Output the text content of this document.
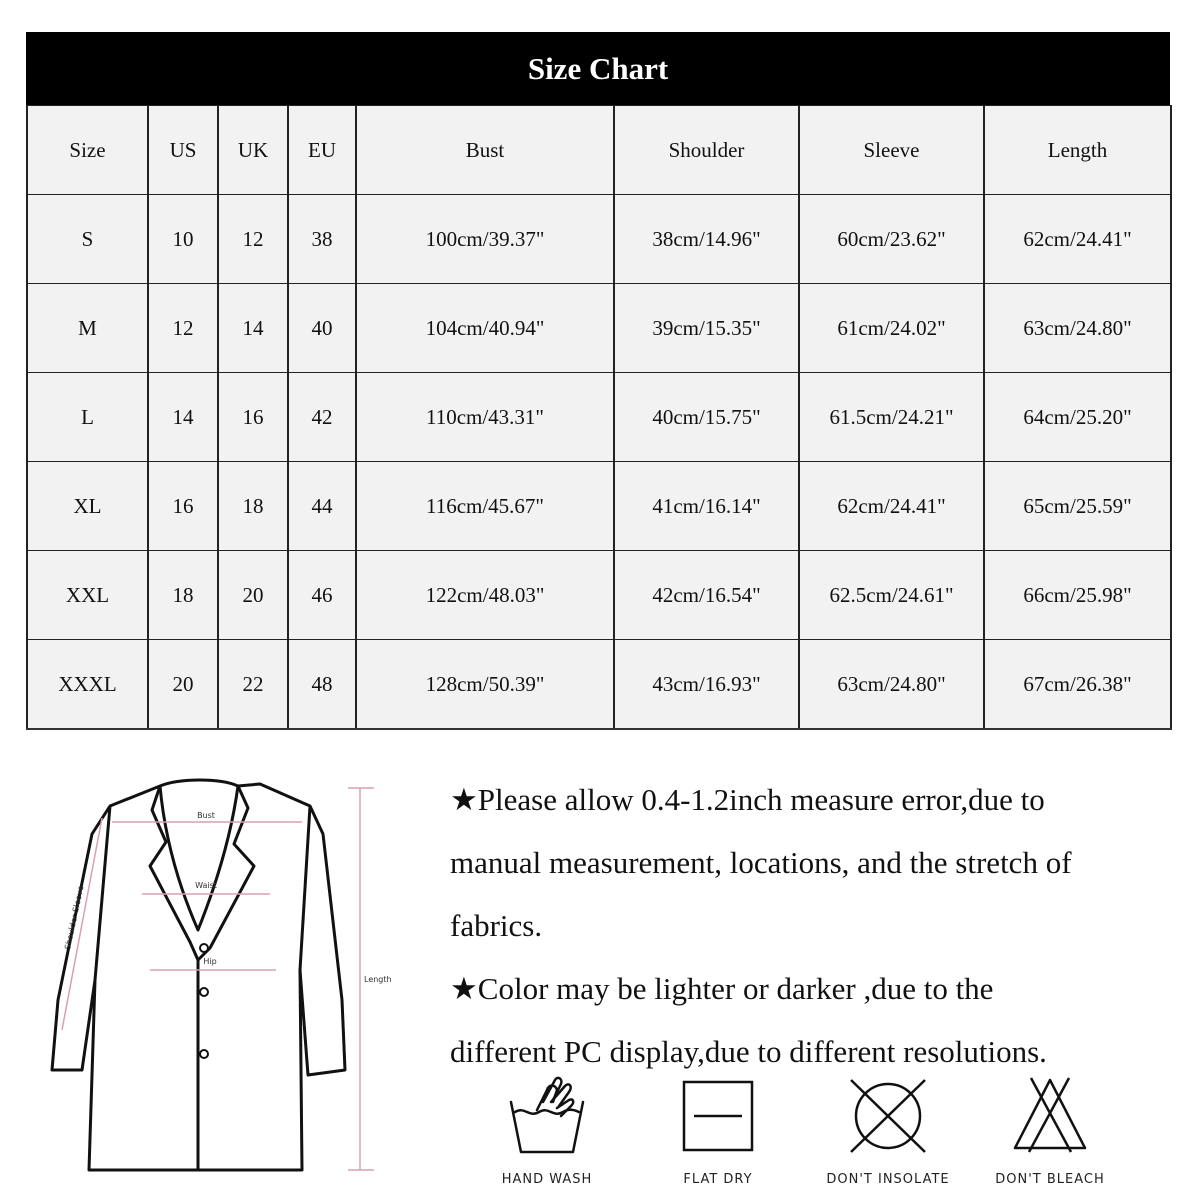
Size Chart
Size	US	UK	EU	Bust	Shoulder	Sleeve	Length
S	10	12	38	100cm/39.37"	38cm/14.96"	60cm/23.62"	62cm/24.41"
M	12	14	40	104cm/40.94"	39cm/15.35"	61cm/24.02"	63cm/24.80"
L	14	16	42	110cm/43.31"	40cm/15.75"	61.5cm/24.21"	64cm/25.20"
XL	16	18	44	116cm/45.67"	41cm/16.14"	62cm/24.41"	65cm/25.59"
XXL	18	20	46	122cm/48.03"	42cm/16.54"	62.5cm/24.61"	66cm/25.98"
XXXL	20	22	48	128cm/50.39"	43cm/16.93"	63cm/24.80"	67cm/26.38"
Bust
Waist
Hip
Shoulder Sleeve
Length
★Please allow 0.4-1.2inch measure error,due to
manual measurement, locations, and the stretch of
fabrics.
★Color may be lighter or darker ,due to the
different PC display,due to different resolutions.
HAND WASH	FLAT DRY	DON'T INSOLATE	DON'T BLEACH
